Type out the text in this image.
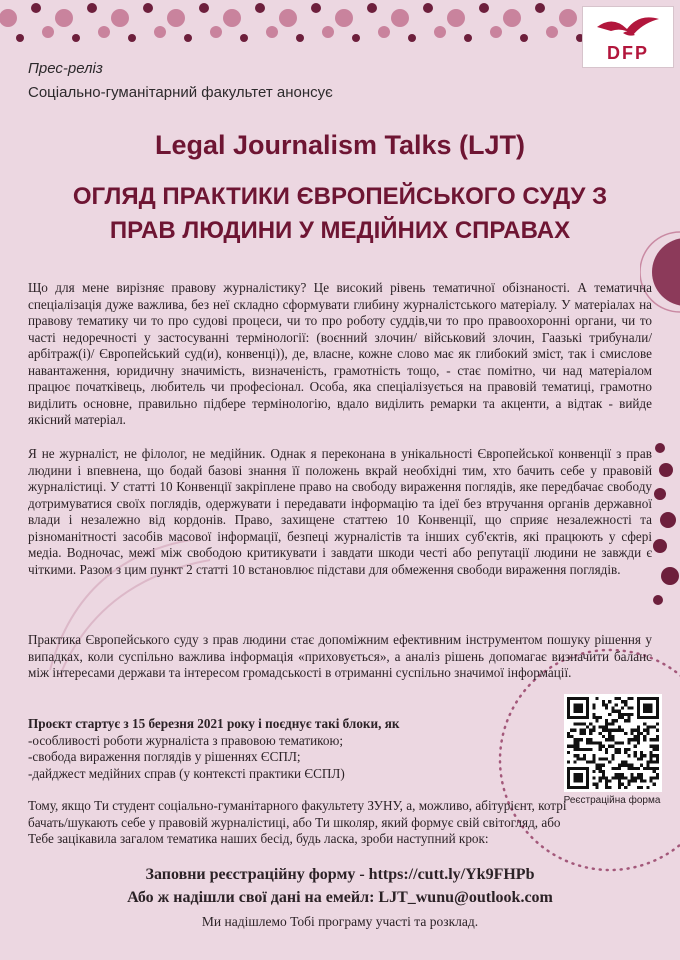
DFP
Прес-реліз
Соціально-гуманітарний факультет анонсує
Legal Journalism Talks (LJT)
ОГЛЯД ПРАКТИКИ ЄВРОПЕЙСЬКОГО СУДУ З ПРАВ ЛЮДИНИ У МЕДІЙНИХ СПРАВАХ

Що для мене вирізняє правову журналістику? Це високий рівень тематичної обізнаності. А тематична спеціалізація дуже важлива, без неї складно сформувати глибину журналістського матеріалу. У матеріалах на правову тематику чи то про судові процеси, чи то про роботу суддів,чи то про правоохоронні органи, чи то часті недоречності у застосуванні термінології: (воєнний злочин/ військовий злочин, Гаазькі трибунали/ арбітраж(і)/ Європейський суд(и), конвенці)), де, власне, кожне слово має як глибокий зміст, так і смислове навантаження, юридичну значимість, визначеність, грамотність тощо, - стає помітно, чи над матеріалом працює початківець, любитель чи професіонал. Особа, яка спеціалізується на правовій тематиці, грамотно виділить основне, правильно підбере термінологію, вдало виділить ремарки та акценти, а відтак - вийде якісний матеріал.

Я не журналіст, не філолог, не медійник. Однак я переконана в унікальності Європейської конвенції з прав людини і впевнена, що бодай базові знання її положень вкрай необхідні тим, хто бачить себе у правовій журналістиці. У статті 10 Конвенції закріплене право на свободу вираження поглядів, яке передбачає свободу дотримуватися своїх поглядів, одержувати і передавати інформацію та ідеї без втручання органів державної влади і незалежно від кордонів. Право, захищене статтею 10 Конвенції, що сприяє незалежності та різноманітності засобів масової інформації, безпеці журналістів та інших суб'єктів, які працюють у сфері медіа. Водночас, межі між свободою критикувати і завдати шкоди честі або репутації людини не завжди є чіткими. Разом з цим пункт 2 статті 10 встановлює підстави для обмеження свободи вираження поглядів.

Практика Європейського суду з прав людини стає допоміжним ефективним інструментом пошуку рішення у випадках, коли суспільно важлива інформація «приховується», а аналіз рішень допомагає визначити баланс між інтересами держави та інтересом громадськості в отриманні суспільно значимої інформації.

Проєкт стартує з 15 березня 2021 року і поєднує такі блоки, як
-особливості роботи журналіста з правовою тематикою;
-свобода вираження поглядів у рішеннях ЄСПЛ;
-дайджест медійних справ (у контексті практики ЄСПЛ)
Тому, якщо Ти студент соціально-гуманітарного факультету ЗУНУ, а, можливо, абітурієнт, котрі бачать/шукають себе у правовій журналістиці, або Ти школяр, який формує свій світогляд, або Тебе зацікавила загалом тематика наших бесід, будь ласка, зроби наступний крок:
Реєстраційна форма
Заповни реєстраційну форму - https://cutt.ly/Yk9FHPb
Або ж надішли свої дані на емейл: LJT_wunu@outlook.com
Ми надішлемо Тобі програму участі та розклад.
